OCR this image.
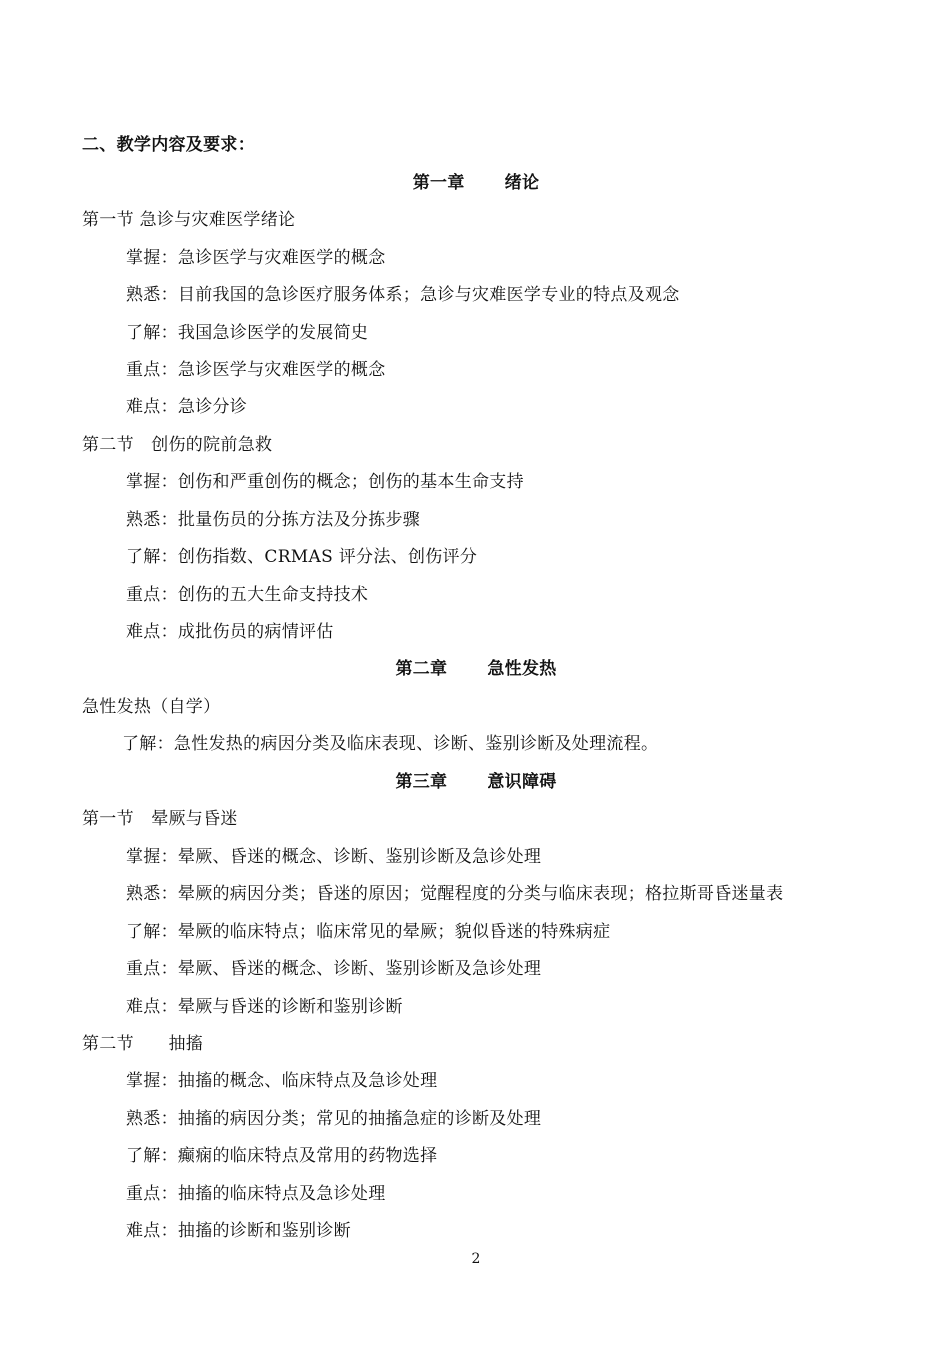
二、教学内容及要求：
第一章 绪论
第一节 急诊与灾难医学绪论
掌握：急诊医学与灾难医学的概念
熟悉：目前我国的急诊医疗服务体系；急诊与灾难医学专业的特点及观念
了解：我国急诊医学的发展简史
重点：急诊医学与灾难医学的概念
难点：急诊分诊
第二节　创伤的院前急救
掌握：创伤和严重创伤的概念；创伤的基本生命支持
熟悉：批量伤员的分拣方法及分拣步骤
了解：创伤指数、CRMAS 评分法、创伤评分
重点：创伤的五大生命支持技术
难点：成批伤员的病情评估
第二章 急性发热
急性发热（自学）
了解：急性发热的病因分类及临床表现、诊断、鉴别诊断及处理流程。
第三章 意识障碍
第一节　晕厥与昏迷
掌握：晕厥、昏迷的概念、诊断、鉴别诊断及急诊处理
熟悉：晕厥的病因分类；昏迷的原因；觉醒程度的分类与临床表现；格拉斯哥昏迷量表
了解：晕厥的临床特点；临床常见的晕厥；貌似昏迷的特殊病症
重点：晕厥、昏迷的概念、诊断、鉴别诊断及急诊处理
难点：晕厥与昏迷的诊断和鉴别诊断
第二节　　抽搐
掌握：抽搐的概念、临床特点及急诊处理
熟悉：抽搐的病因分类；常见的抽搐急症的诊断及处理
了解：癫痫的临床特点及常用的药物选择
重点：抽搐的临床特点及急诊处理
难点：抽搐的诊断和鉴别诊断
2
